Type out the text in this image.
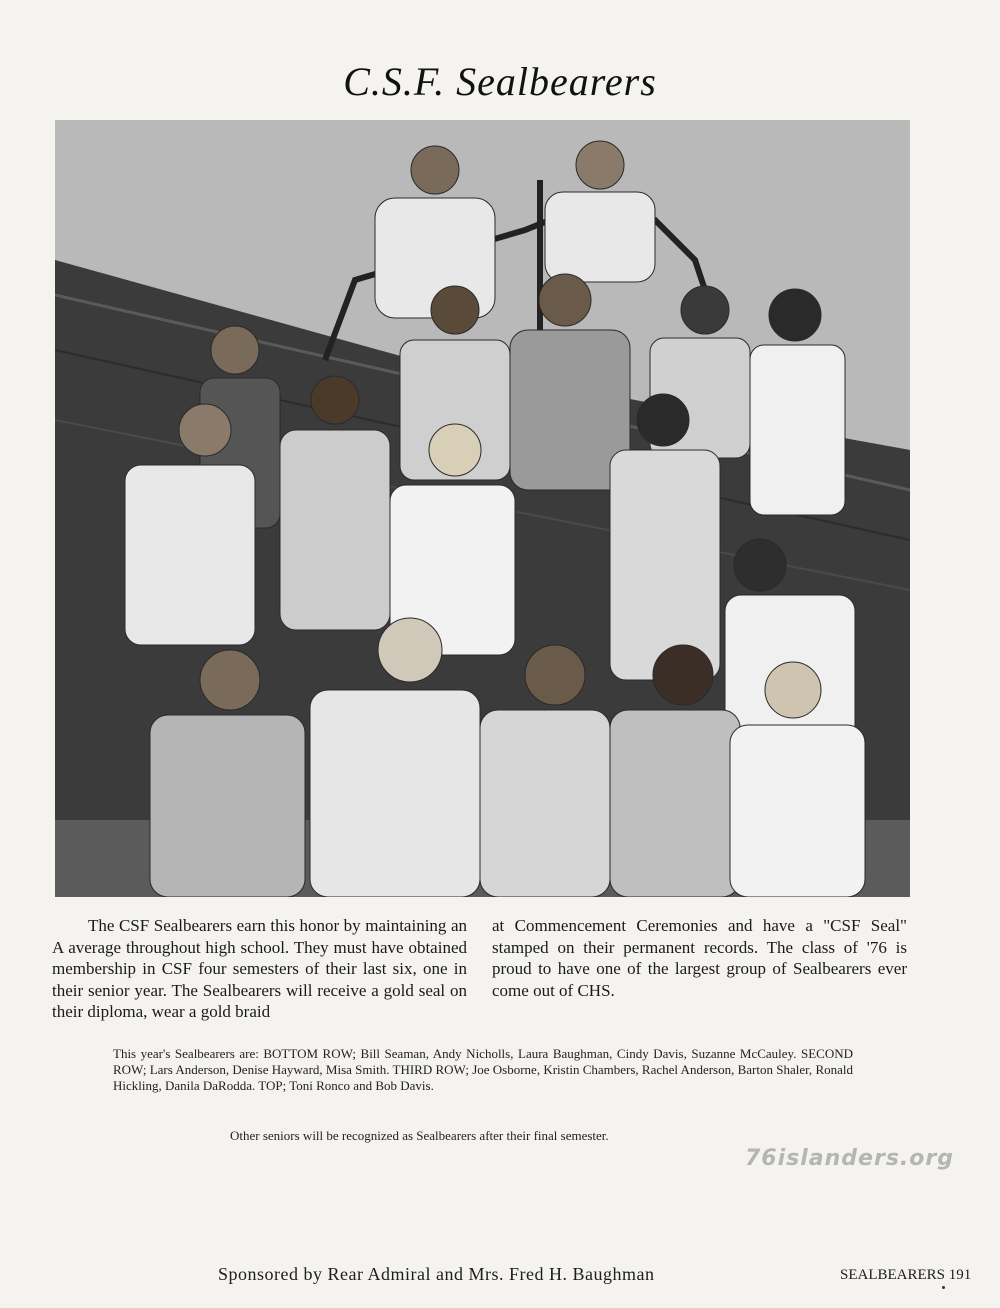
C.S.F. Sealbearers
The CSF Sealbearers earn this honor by maintaining an A average throughout high school. They must have obtained membership in CSF four semesters of their last six, one in their senior year. The Sealbearers will receive a gold seal on their diploma, wear a gold braid
at Commencement Ceremonies and have a "CSF Seal" stamped on their permanent records. The class of '76 is proud to have one of the largest group of Sealbearers ever come out of CHS.
This year's Sealbearers are: BOTTOM ROW; Bill Seaman, Andy Nicholls, Laura Baughman, Cindy Davis, Suzanne McCauley. SECOND ROW; Lars Anderson, Denise Hayward, Misa Smith. THIRD ROW; Joe Osborne, Kristin Chambers, Rachel Anderson, Barton Shaler, Ronald Hickling, Danila DaRodda. TOP; Toni Ronco and Bob Davis.
Other seniors will be recognized as Sealbearers after their final semester.
76islanders.org
Sponsored by Rear Admiral and Mrs. Fred H. Baughman	SEALBEARERS 191
